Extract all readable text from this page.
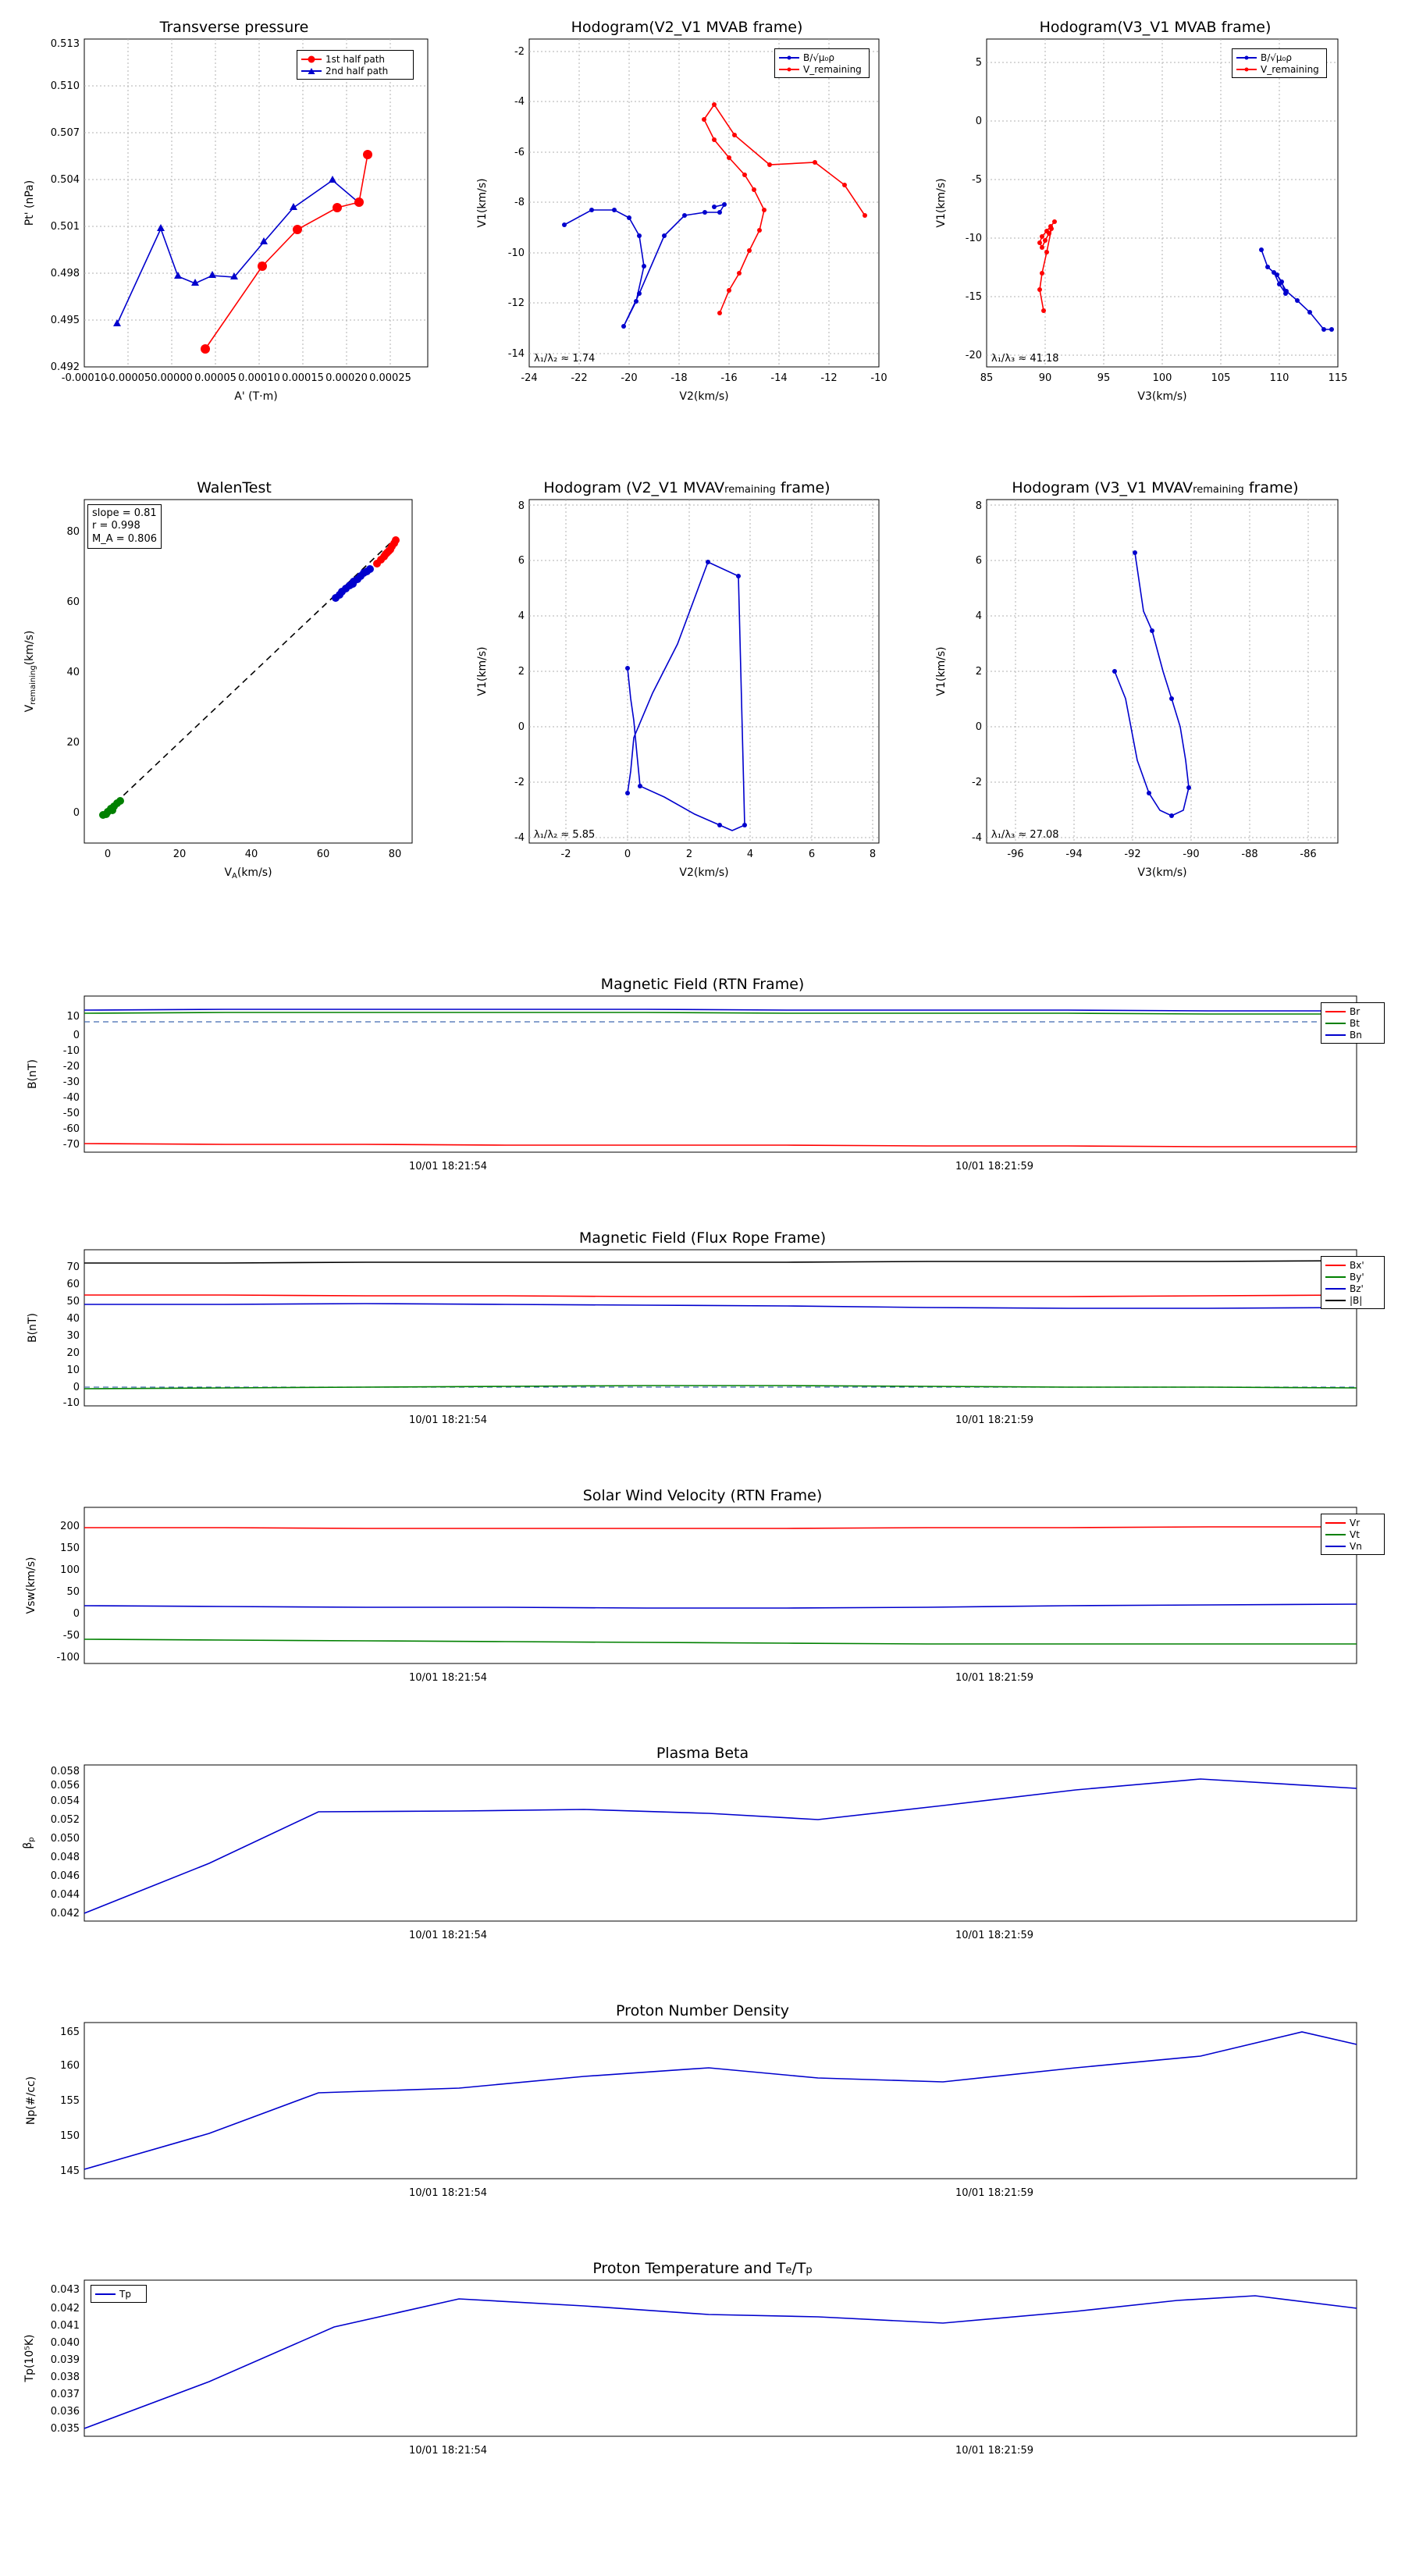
Transverse pressure
0.492
0.495
0.498
0.501
0.504
0.507
0.510
0.513
-0.00010
-0.00005 0.00000 0.00005 0.00010 0.00015 0.00020 0.00025
A' (T·m)
Pt' (nPa)
1st half path
2nd half path
Hodogram(V2_V1 MVAB frame)
-14
-12
-10
-8
-6
-4
-2
-24	-22	-20	-18	-16	-14	-12	-10
V2(km/s)
V1(km/s)
λ₁/λ₂ ≈ 1.74
B/√μ₀ρ
V_remaining
Hodogram(V3_V1 MVAB frame)
-20
-15
-10
-5
0
5
85	90	95	100	105	110	115
V3(km/s)
V1(km/s)
λ₁/λ₃ ≈ 41.18
B/√μ₀ρ
V_remaining
WalenTest
0
20
40
60
80
0	20	40	60	80
$V_A(km/s)$
$V_{remaining}(km/s)$
slope = 0.81
r = 0.998
M_A = 0.806
Hodogram (V2_V1 MVAVremaining frame)
-4
-2
0
2
4
6
8
-2	0	2	4	6	8
V2(km/s)
V1(km/s)
λ₁/λ₂ ≈ 5.85
Hodogram (V3_V1 MVAVremaining frame)
-4
-2
0
2
4
6
8
-96	-94	-92	-90	-88	-86
V3(km/s)
V1(km/s)
λ₁/λ₃ ≈ 27.08
Magnetic Field (RTN Frame)
-70
-60
-50
-40
-30
-20
-10
0
10
10/01 18:21:54	10/01 18:21:59
B(nT)
Br
Bt
Bn
Magnetic Field (Flux Rope Frame)
-10
0
10
20
30
40
50
60
70
10/01 18:21:54	10/01 18:21:59
B(nT)
Bx'
By'
Bz'
|B|
Solar Wind Velocity (RTN Frame)
-100
-50
0
50
100
150
200
10/01 18:21:54	10/01 18:21:59
Vsw(km/s)
Vr
Vt
Vn
Plasma Beta
0.042
0.044
0.046
0.048
0.050
0.052
0.054
0.056
0.058
10/01 18:21:54	10/01 18:21:59
$\beta_p$
Proton Number Density
145
150
155
160
165
10/01 18:21:54	10/01 18:21:59
Np(#/cc)
Proton Temperature and Te/Tp
0.035
0.036
0.037
0.038
0.039
0.040
0.041
0.042
0.043
10/01 18:21:54	10/01 18:21:59
Tp(10⁵K)
Tp
